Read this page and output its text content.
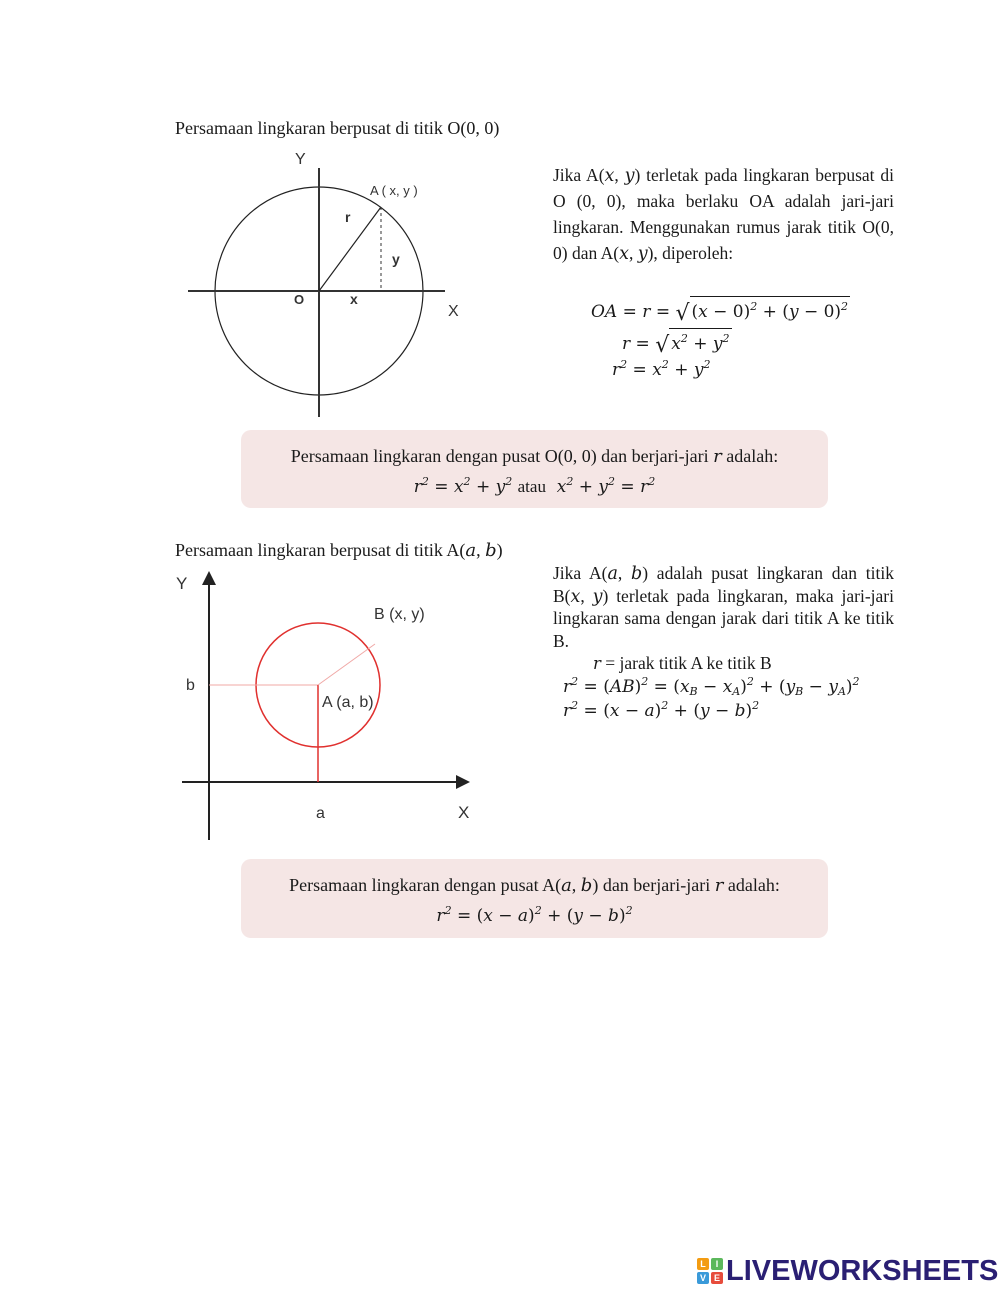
Persamaan lingkaran berpusat di titik O(0, 0)
Y
X
O
A ( x, y )
r
x
y
Jika A(𝑥, 𝑦) terletak pada lingkaran berpusat di O (0, 0), maka berlaku OA adalah jari-jari lingkaran. Menggunakan rumus jarak titik O(0, 0) dan A(𝑥, 𝑦), diperoleh:
OA = r = √ $(x - 0)^2 + (y - 0)^2$
r = √ $x^2 + y^2$
$r^2 = x^2 + y^2$
Persamaan lingkaran dengan pusat O(0, 0) dan berjari-jari 𝑟 adalah:
$r^2 = x^2 + y^2$ atau $x^2 + y^2 = r^2$
Persamaan lingkaran berpusat di titik A(𝑎, 𝑏)
Y
X
b
a
A (a, b)
B (x, y)
Jika A(𝑎, 𝑏) adalah pusat lingkaran dan titik B(𝑥, 𝑦) terletak pada lingkaran, maka jari-jari lingkaran sama dengan jarak dari titik A ke titik B.
r = jarak titik A ke titik B
$r^2 = (AB)^2 = (x_B - x_A)^2 + (y_B - y_A)^2$
$r^2 = (x - a)^2 + (y - b)^2$
Persamaan lingkaran dengan pusat A(𝑎, 𝑏) dan berjari-jari 𝑟 adalah:
$r^2 = (x - a)^2 + (y - b)^2$
L	I
V E LIVEWORKSHEETS
